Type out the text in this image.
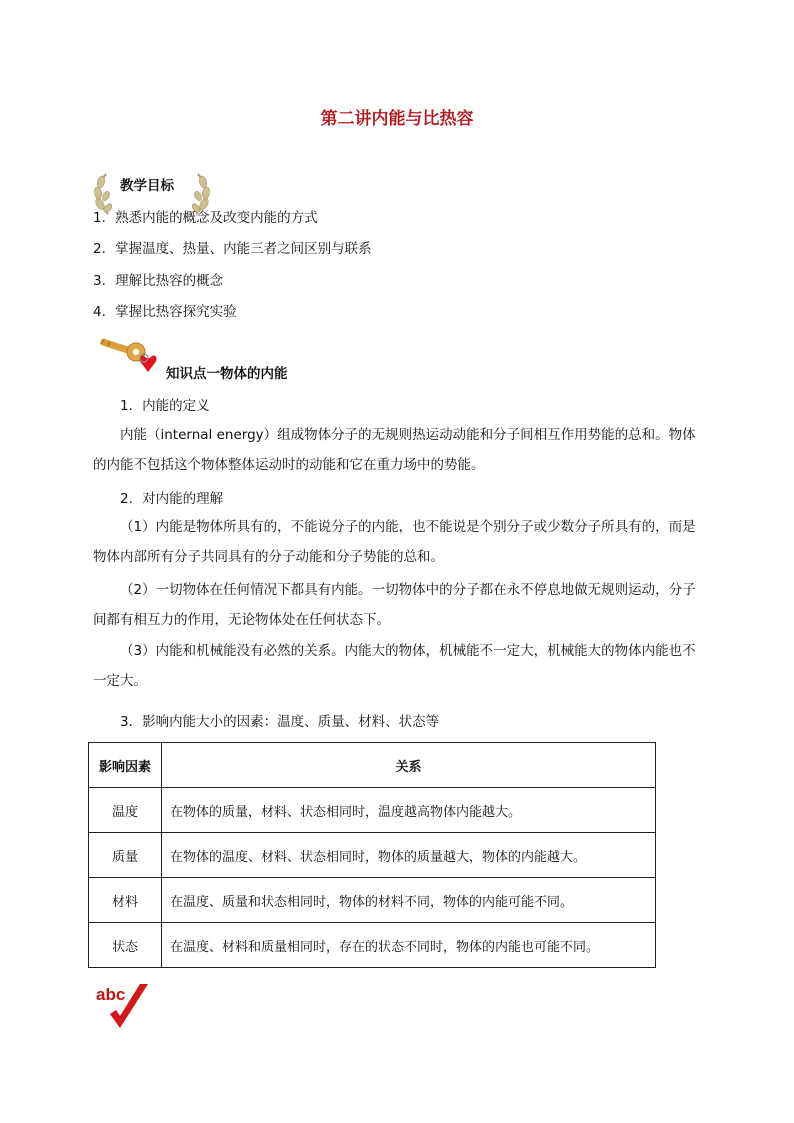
第二讲内能与比热容
教学目标
1．熟悉内能的概念及改变内能的方式
2．掌握温度、热量、内能三者之间区别与联系
3．理解比热容的概念
4．掌握比热容探究实验
知识点一物体的内能
1．内能的定义
内能（internal energy）组成物体分子的无规则热运动动能和分子间相互作用势能的总和。物体的内能不包括这个物体整体运动时的动能和它在重力场中的势能。
2．对内能的理解
（1）内能是物体所具有的，不能说分子的内能，也不能说是个别分子或少数分子所具有的，而是物体内部所有分子共同具有的分子动能和分子势能的总和。
（2）一切物体在任何情况下都具有内能。一切物体中的分子都在永不停息地做无规则运动，分子间都有相互力的作用，无论物体处在任何状态下。
（3）内能和机械能没有必然的关系。内能大的物体，机械能不一定大，机械能大的物体内能也不一定大。
3．影响内能大小的因素：温度、质量、材料、状态等
影响因素	关系
温度	在物体的质量，材料、状态相同时，温度越高物体内能越大。
质量	在物体的温度、材料、状态相同时，物体的质量越大，物体的内能越大。
材料	在温度、质量和状态相同时，物体的材料不同，物体的内能可能不同。
状态	在温度、材料和质量相同时，存在的状态不同时，物体的内能也可能不同。
abc
